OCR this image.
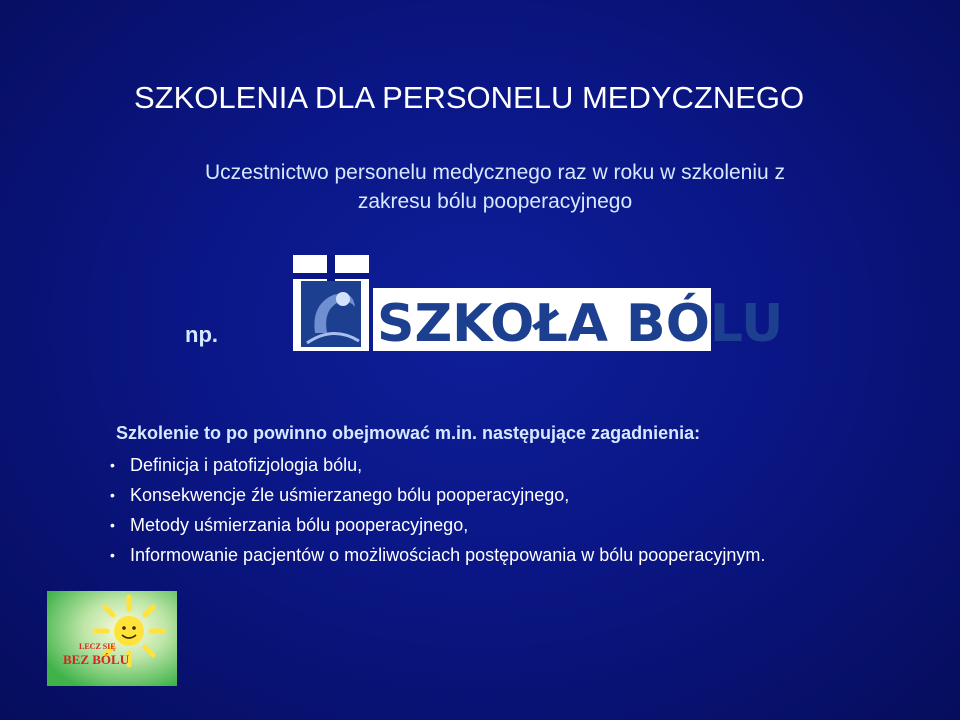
SZKOLENIA DLA PERSONELU MEDYCZNEGO
Uczestnictwo personelu medycznego raz w roku w szkoleniu z
zakresu bólu pooperacyjnego
np.	SZKOŁA BÓLU
Szkolenie to po powinno obejmować m.in. następujące zagadnienia:
• Definicja i patofizjologia bólu,
• Konsekwencje źle uśmierzanego bólu pooperacyjnego,
• Metody uśmierzania bólu pooperacyjnego,
• Informowanie pacjentów o możliwościach postępowania w bólu pooperacyjnym.
LECZ SIĘ
BEZ BÓLU
